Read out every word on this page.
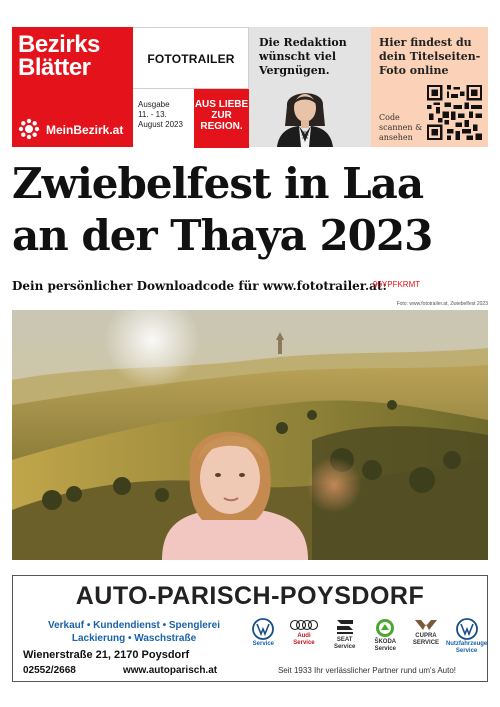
Bezirks
Blätter
MeinBezirk.at
FOTOTRAILER
Ausgabe
11. - 13. August 2023
AUS LIEBE ZUR REGION.
Die Redaktion wünscht viel Vergnügen.
Hier findest du dein Titelseiten-Foto online
Code scannen & ansehen
Zwiebelfest in Laa
an der Thaya 2023
Dein persönlicher Downloadcode für www.fototrailer.at:
95YPFKRMT
Foto: www.fototrailer.at, Zwiebelfest 2023
AUTO-PARISCH-POYSDORF
Verkauf • Kundendienst • Spenglerei
Lackierung • Waschstraße
Wienerstraße 21, 2170 Poysdorf
02552/2668	www.autoparisch.at
Service
Audi Service	SEAT Service
ŠKODA Service
CUPRA SERVICE	Nutzfahrzeuge Service
Seit 1933 Ihr verlässlicher Partner rund um's Auto!
